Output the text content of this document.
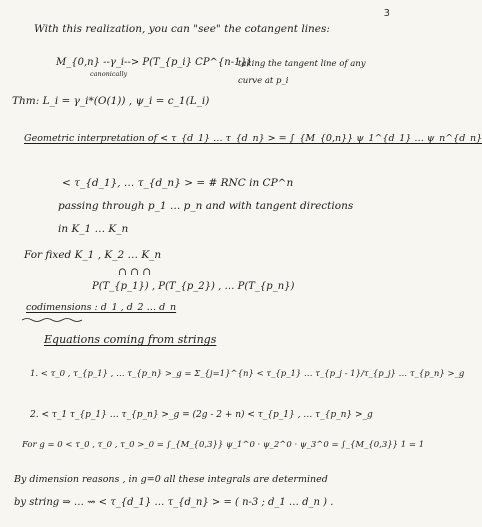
3
With this realization, you can "see" the cotangent lines:
M_{0,n} --γ_i--> P(T_{p_i} CP^{n-1})
taking the tangent line of any
curve at p_i
canonically
Thm: L_i = γ_i*(O(1)) , ψ_i = c_1(L_i)
Geometric interpretation of < τ_{d_1} … τ_{d_n} > = ∫_{M_{0,n}} ψ_1^{d_1} … ψ_n^{d_n}
< τ_{d_1}, … τ_{d_n} > = # RNC in CP^n
passing through p_1 … p_n and with tangent directions
in K_1 … K_n
For fixed K_1 , K_2 … K_n
∩ ∩ ∩
P(T_{p_1}) , P(T_{p_2}) , … P(T_{p_n})
codimensions : d_1 , d_2 … d_n
Equations coming from strings
1. < τ_0 , τ_{p_1} , … τ_{p_n} >_g = Σ_{j=1}^{n} < τ_{p_1} … τ_{p_j - 1}/τ_{p_j} … τ_{p_n} >_g
2. < τ_1 τ_{p_1} … τ_{p_n} >_g = (2g - 2 + n) < τ_{p_1} , … τ_{p_n} >_g
For g = 0 < τ_0 , τ_0 , τ_0 >_0 = ∫_{M_{0,3}} ψ_1^0 · ψ_2^0 · ψ_3^0 = ∫_{M_{0,3}} 1 = 1
By dimension reasons , in g=0 all these integrals are determined
by string ⇒ … ⇝ < τ_{d_1} … τ_{d_n} > = ( n-3 ; d_1 … d_n ) .
